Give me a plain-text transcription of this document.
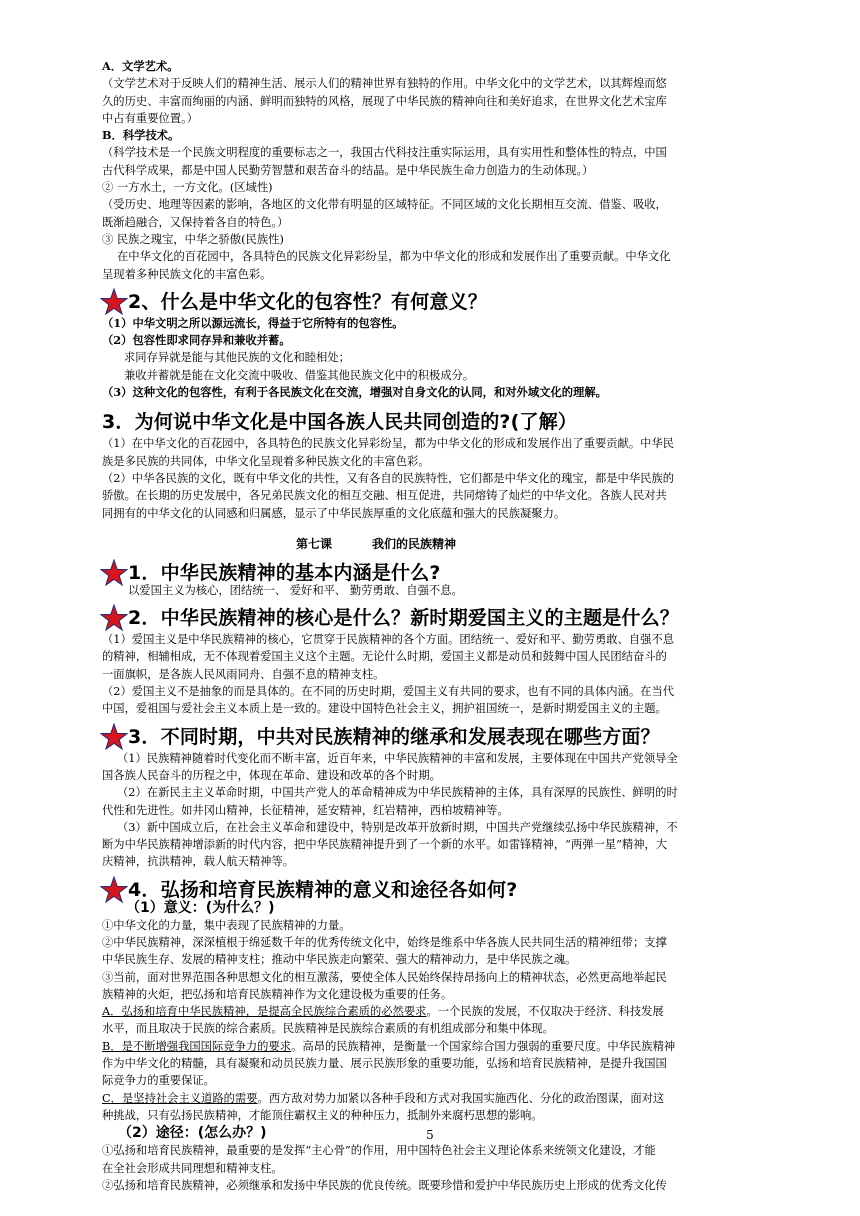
A．文学艺术。
（文学艺术对于反映人们的精神生活、展示人们的精神世界有独特的作用。中华文化中的文学艺术，以其辉煌而悠
久的历史、丰富而绚丽的内涵、鲜明而独特的风格，展现了中华民族的精神向往和美好追求，在世界文化艺术宝库
中占有重要位置。）
B．科学技术。
（科学技术是一个民族文明程度的重要标志之一，我国古代科技注重实际运用，具有实用性和整体性的特点，中国
古代科学成果，都是中国人民勤劳智慧和艰苦奋斗的结晶。是中华民族生命力创造力的生动体现。）
② 一方水土，一方文化。(区域性)
（受历史、地理等因素的影响，各地区的文化带有明显的区域特征。不同区域的文化长期相互交流、借鉴、吸收，
既渐趋融合，又保持着各自的特色。）
③ 民族之瑰宝，中华之骄傲(民族性)
在中华文化的百花园中，各具特色的民族文化异彩纷呈，都为中华文化的形成和发展作出了重要贡献。中华文化
呈现着多种民族文化的丰富色彩。
2、什么是中华文化的包容性？有何意义？
（1）中华文明之所以源远流长，得益于它所特有的包容性。
（2）包容性即求同存异和兼收并蓄。
求同存异就是能与其他民族的文化和睦相处；
兼收并蓄就是能在文化交流中吸收、借鉴其他民族文化中的积极成分。
（3）这种文化的包容性，有利于各民族文化在交流，增强对自身文化的认同，和对外域文化的理解。
3．为何说中华文化是中国各族人民共同创造的?(了解）
（1）在中华文化的百花园中，各具特色的民族文化异彩纷呈，都为中华文化的形成和发展作出了重要贡献。中华民
族是多民族的共同体，中华文化呈现着多种民族文化的丰富色彩。
（2）中华各民族的文化，既有中华文化的共性，又有各自的民族特性，它们都是中华文化的瑰宝，都是中华民族的
骄傲。在长期的历史发展中，各兄弟民族文化的相互交融、相互促进，共同熔铸了灿烂的中华文化。各族人民对共
同拥有的中华文化的认同感和归属感，显示了中华民族厚重的文化底蕴和强大的民族凝聚力。
第七课	我们的民族精神
1．中华民族精神的基本内涵是什么?
以爱国主义为核心，团结统一、 爱好和平、 勤劳勇敢、自强不息。
2．中华民族精神的核心是什么？新时期爱国主义的主题是什么？
（1）爱国主义是中华民族精神的核心，它贯穿于民族精神的各个方面。团结统一、爱好和平、勤劳勇敢、自强不息
的精神，相辅相成，无不体现着爱国主义这个主题。无论什么时期，爱国主义都是动员和鼓舞中国人民团结奋斗的
一面旗帜，是各族人民风雨同舟、自强不息的精神支柱。
（2）爱国主义不是抽象的而是具体的。在不同的历史时期，爱国主义有共同的要求，也有不同的具体内涵。在当代
中国，爱祖国与爱社会主义本质上是一致的。建设中国特色社会主义，拥护祖国统一，是新时期爱国主义的主题。
3．不同时期，中共对民族精神的继承和发展表现在哪些方面？
（1）民族精神随着时代变化而不断丰富，近百年来，中华民族精神的丰富和发展，主要体现在中国共产党领导全
国各族人民奋斗的历程之中，体现在革命、建设和改革的各个时期。
（2）在新民主主义革命时期，中国共产党人的革命精神成为中华民族精神的主体，具有深厚的民族性、鲜明的时
代性和先进性。如井冈山精神，长征精神，延安精神，红岩精神，西柏坡精神等。
（3）新中国成立后，在社会主义革命和建设中，特别是改革开放新时期，中国共产党继续弘扬中华民族精神，不
断为中华民族精神增添新的时代内容，把中华民族精神提升到了一个新的水平。如雷锋精神，“两弹一星”精神，大
庆精神，抗洪精神，载人航天精神等。
4．弘扬和培育民族精神的意义和途径各如何?
（1）意义：(为什么？)
①中华文化的力量，集中表现了民族精神的力量。
②中华民族精神，深深植根于绵延数千年的优秀传统文化中，始终是维系中华各族人民共同生活的精神纽带；支撑
中华民族生存、发展的精神支柱；推动中华民族走向繁荣、强大的精神动力，是中华民族之魂。
③当前，面对世界范围各种思想文化的相互激荡，要使全体人民始终保持昂扬向上的精神状态，必然更高地举起民
族精神的火炬，把弘扬和培育民族精神作为文化建设极为重要的任务。
A．弘扬和培育中华民族精神，是提高全民族综合素质的必然要求。一个民族的发展，不仅取决于经济、科技发展
水平，而且取决于民族的综合素质。民族精神是民族综合素质的有机组成部分和集中体现。
B．是不断增强我国国际竞争力的要求。高昂的民族精神，是衡量一个国家综合国力强弱的重要尺度。中华民族精神
作为中华文化的精髓，具有凝聚和动员民族力量、展示民族形象的重要功能，弘扬和培育民族精神，是提升我国国
际竞争力的重要保证。
C．是坚持社会主义道路的需要。西方敌对势力加紧以各种手段和方式对我国实施西化、分化的政治图谋，面对这
种挑战，只有弘扬民族精神，才能顶住霸权主义的种种压力，抵制外来腐朽思想的影响。
（2）途径：(怎么办？)
①弘扬和培育民族精神，最重要的是发挥“主心骨”的作用，用中国特色社会主义理论体系来统领文化建设，才能
在全社会形成共同理想和精神支柱。
②弘扬和培育民族精神，必须继承和发扬中华民族的优良传统。既要珍惜和爱护中华民族历史上形成的优秀文化传
5
